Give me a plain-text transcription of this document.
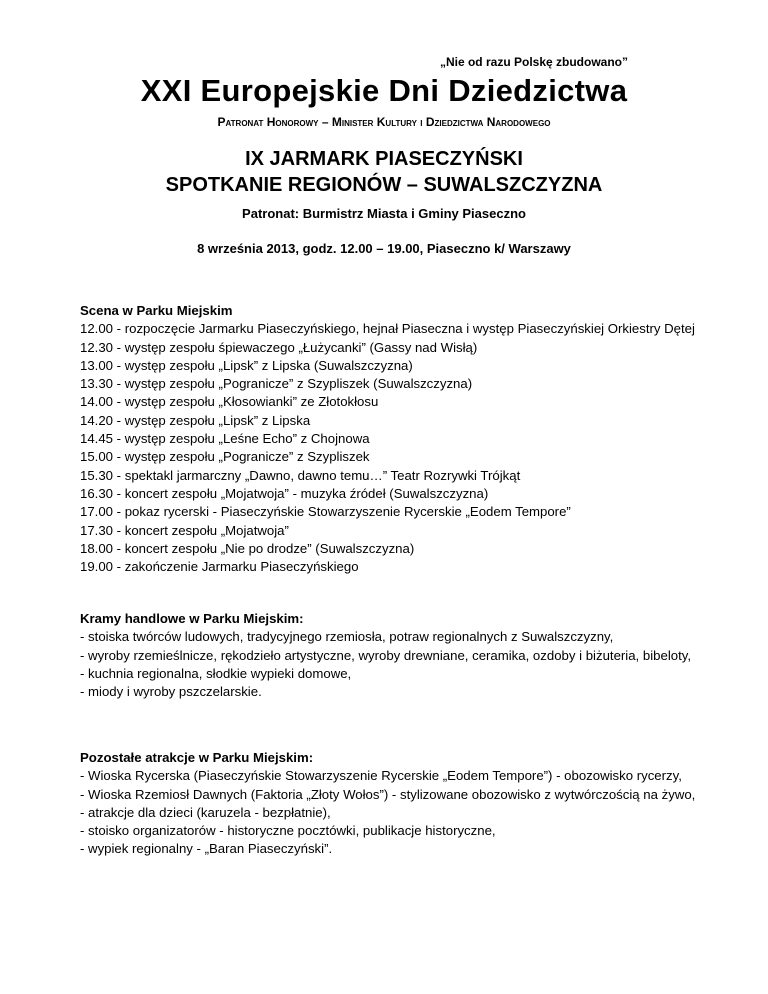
„Nie od razu Polskę zbudowano”
XXI Europejskie Dni Dziedzictwa
Patronat Honorowy – Minister Kultury i Dziedzictwa Narodowego
IX JARMARK PIASECZYŃSKI
SPOTKANIE REGIONÓW – SUWALSZCZYZNA
Patronat: Burmistrz Miasta i Gminy Piaseczno
8 września 2013, godz. 12.00 – 19.00, Piaseczno k/ Warszawy
Scena w Parku Miejskim
12.00 - rozpoczęcie Jarmarku Piaseczyńskiego, hejnał Piaseczna i występ Piaseczyńskiej Orkiestry Dętej
12.30 - występ zespołu śpiewaczego „Łużycanki” (Gassy nad Wisłą)
13.00 - występ zespołu „Lipsk” z Lipska (Suwalszczyzna)
13.30 - występ zespołu „Pogranicze” z Szypliszek (Suwalszczyzna)
14.00 - występ zespołu „Kłosowianki” ze Złotokłosu
14.20 - występ zespołu „Lipsk” z Lipska
14.45 - występ zespołu „Leśne Echo” z Chojnowa
15.00 - występ zespołu „Pogranicze” z Szypliszek
15.30 - spektakl jarmarczny „Dawno, dawno temu…” Teatr Rozrywki Trójkąt
16.30 - koncert zespołu „Mojatwoja” - muzyka źródeł (Suwalszczyzna)
17.00 - pokaz rycerski - Piaseczyńskie Stowarzyszenie Rycerskie „Eodem Tempore”
17.30 - koncert zespołu „Mojatwoja”
18.00 - koncert zespołu „Nie po drodze” (Suwalszczyzna)
19.00 - zakończenie Jarmarku Piaseczyńskiego
Kramy handlowe w Parku Miejskim:
- stoiska twórców ludowych, tradycyjnego rzemiosła, potraw regionalnych z Suwalszczyzny,
- wyroby rzemieślnicze, rękodzieło artystyczne, wyroby drewniane, ceramika, ozdoby i biżuteria, bibeloty,
- kuchnia regionalna, słodkie wypieki domowe,
- miody i wyroby pszczelarskie.
Pozostałe atrakcje w Parku Miejskim:
- Wioska Rycerska (Piaseczyńskie Stowarzyszenie Rycerskie „Eodem Tempore”) - obozowisko rycerzy,
- Wioska Rzemiosł Dawnych (Faktoria „Złoty Wołos”) - stylizowane obozowisko z wytwórczością na żywo,
- atrakcje dla dzieci (karuzela - bezpłatnie),
- stoisko organizatorów - historyczne pocztówki, publikacje historyczne,
- wypiek regionalny - „Baran Piaseczyński”.
